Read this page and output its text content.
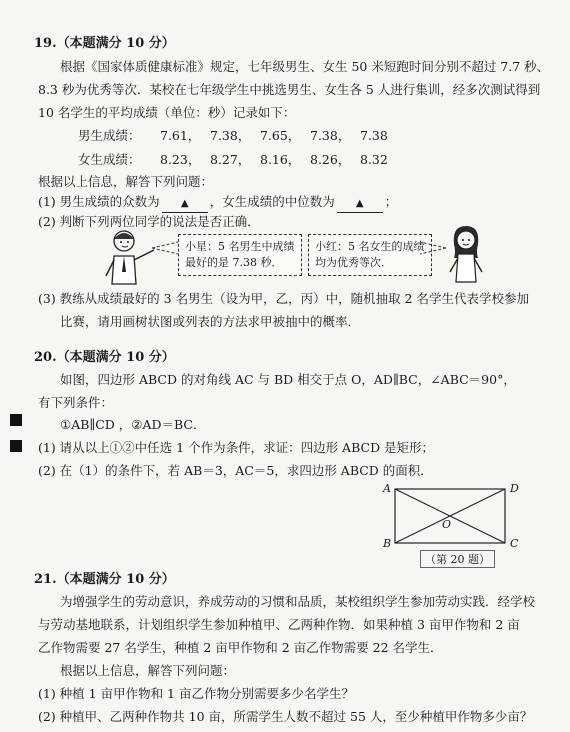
19.（本题满分 10 分）
根据《国家体质健康标准》规定，七年级男生、女生 50 米短跑时间分别不超过 7.7 秒、
8.3 秒为优秀等次．某校在七年级学生中挑选男生、女生各 5 人进行集训，经多次测试得到
10 名学生的平均成绩（单位：秒）记录如下：
男生成绩： 7.61， 7.38， 7.65， 7.38， 7.38
女生成绩： 8.23， 8.27， 8.16， 8.26， 8.32
根据以上信息，解答下列问题：
(1) 男生成绩的众数为 ▲ ，女生成绩的中位数为 ▲ ；
(2) 判断下列两位同学的说法是否正确．
小星：5 名男生中成绩
最好的是 7.38 秒．
小红：5 名女生的成绩
均为优秀等次．
(3) 教练从成绩最好的 3 名男生（设为甲，乙，丙）中，随机抽取 2 名学生代表学校参加
比赛，请用画树状图或列表的方法求甲被抽中的概率．
20.（本题满分 10 分）
如图，四边形 ABCD 的对角线 AC 与 BD 相交于点 O，AD∥BC，∠ABC＝90°，
有下列条件：
①AB∥CD ，②AD＝BC．
(1) 请从以上①②中任选 1 个作为条件，求证：四边形 ABCD 是矩形；
(2) 在（1）的条件下，若 AB＝3，AC＝5，求四边形 ABCD 的面积．
A	D
B	C
O
（第 20 题）
21.（本题满分 10 分）
为增强学生的劳动意识，养成劳动的习惯和品质，某校组织学生参加劳动实践．经学校
与劳动基地联系，计划组织学生参加种植甲、乙两种作物．如果种植 3 亩甲作物和 2 亩
乙作物需要 27 名学生，种植 2 亩甲作物和 2 亩乙作物需要 22 名学生．
根据以上信息，解答下列问题：
(1) 种植 1 亩甲作物和 1 亩乙作物分别需要多少名学生？
(2) 种植甲、乙两种作物共 10 亩，所需学生人数不超过 55 人，至少种植甲作物多少亩？
